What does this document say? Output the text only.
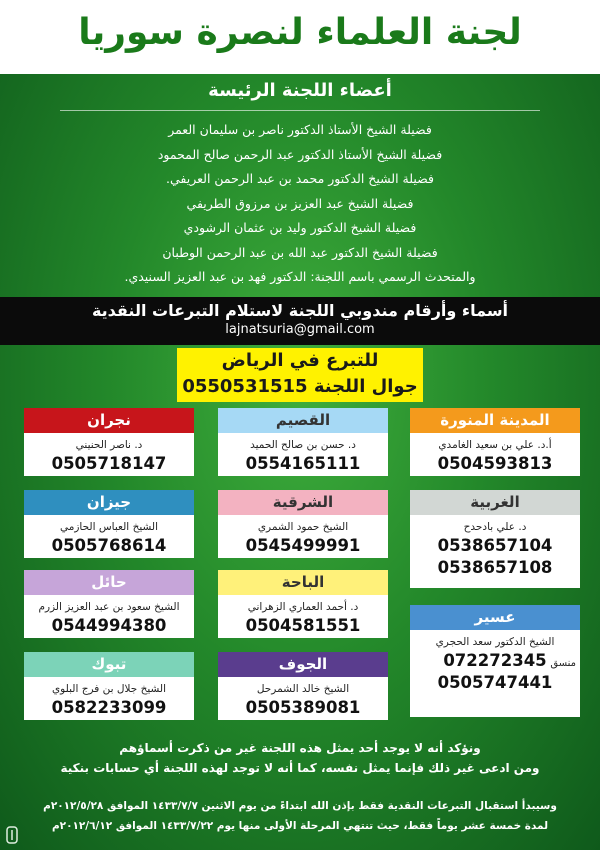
لجنة العلماء لنصرة سوريا
أعضاء اللجنة الرئيسة
فضيلة الشيخ الأستاذ الدكتور ناصر بن سليمان العمر
فضيلة الشيخ الأستاذ الدكتور عبد الرحمن صالح المحمود
فضيلة الشيخ الدكتور محمد بن عبد الرحمن العريفي.
فضيلة الشيخ عبد العزيز بن مرزوق الطريفي
فضيلة الشيخ الدكتور وليد بن عثمان الرشودي
فضيلة الشيخ الدكتور عبد الله بن عبد الرحمن الوطبان
والمتحدث الرسمي باسم اللجنة: الدكتور فهد بن عبد العزيز السنيدي.
أسماء وأرقام مندوبي اللجنة لاستلام التبرعات النقدية
lajnatsuria@gmail.com
للتبرع في الرياض
جوال اللجنة 0550531515
المدينة المنورة
أ.د. علي بن سعيد الغامدي
0504593813
القصيم
د. حسن بن صالح الحميد
0554165111
نجران
د. ناصر الحنيني
0505718147
الغربية
د. علي بادحدح
0538657104
0538657108
الشرقية
الشيخ حمود الشمري
0545499991
جيزان
الشيخ العباس الحازمي
0505768614
الباحة
د. أحمد العماري الزهراني
0504581551
حائل
الشيخ سعود بن عبد العزيز الزرم
0544994380	عسير
الشيخ الدكتور سعد الحجري
منسق
072272345
0505747441
الجوف
الشيخ خالد الشمرحل
0505389081
تبوك
الشيخ جلال بن فرج البلوي
0582233099
ونؤكد أنه لا يوجد أحد يمثل هذه اللجنة غير من ذكرت أسماؤهم
ومن ادعى غير ذلك فإنما يمثل نفسه، كما أنه لا توجد لهذه اللجنة أي حسابات بنكية
وسيبدأ استقبال التبرعات النقدية فقط بإذن الله ابتداءً من يوم الاثنين ١٤٣٣/٧/٧ الموافق ٢٠١٢/٥/٢٨م
لمدة خمسة عشر يوماً فقط، حيث تنتهي المرحلة الأولى منها يوم ١٤٣٣/٧/٢٢ الموافق ٢٠١٢/٦/١٢م
